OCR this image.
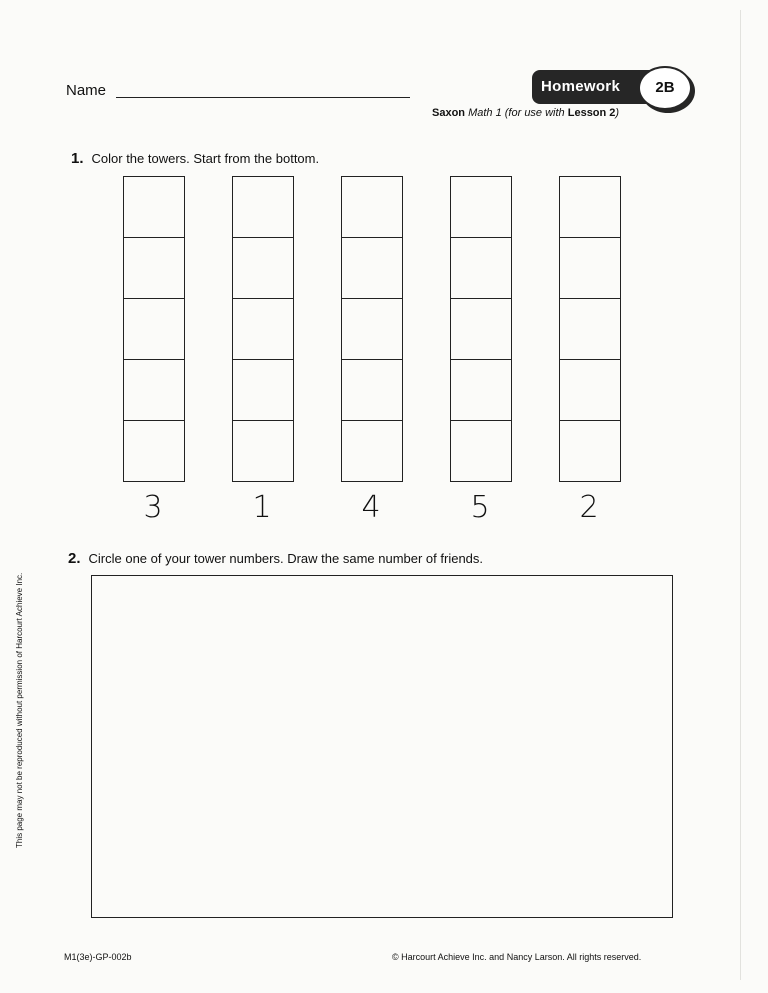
Name	Homework	2B
Saxon Math 1 (for use with Lesson 2)
1. Color the towers. Start from the bottom.
3	1	4	5	2
2. Circle one of your tower numbers. Draw the same number of friends.
This page may not be reproduced without permission of Harcourt Achieve Inc.
M1(3e)-GP-002b	© Harcourt Achieve Inc. and Nancy Larson. All rights reserved.
